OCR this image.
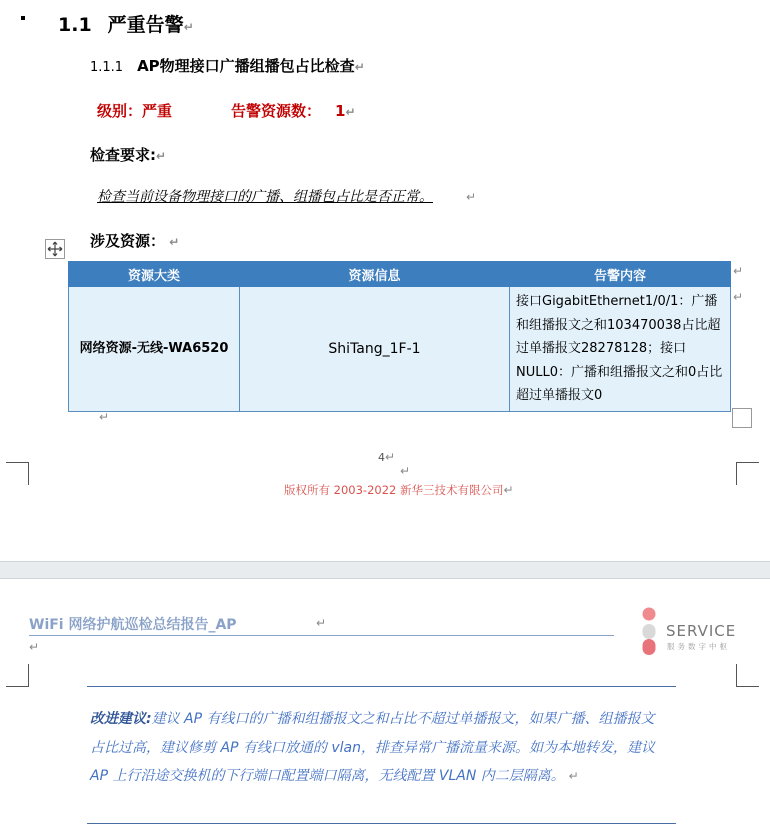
1.1 严重告警↵
1.1.1 AP物理接口广播组播包占比检查↵
级别：严重	告警资源数： 1↵
检查要求:↵
检查当前设备物理接口的广播、组播包占比是否正常。	↵
涉及资源： ↵
资源大类	资源信息	告警内容
网络资源-无线-WA6520	ShiTang_1F-1	接口GigabitEthernet1/0/1：广播和组播报文之和103470038占比超过单播报文28278128；接口NULL0：广播和组播报文之和0占比超过单播报文0
↵
↵
↵
4↵
↵
版权所有 2003-2022 新华三技术有限公司↵
WiFi 网络护航巡检总结报告_AP	↵	SERVICE
服务数字中枢
↵
改进建议:建议 AP 有线口的广播和组播报文之和占比不超过单播报文，如果广播、组播报文占比过高，建议修剪 AP 有线口放通的 vlan，排查异常广播流量来源。如为本地转发，建议 AP 上行沿途交换机的下行端口配置端口隔离，无线配置 VLAN 内二层隔离。 ↵
